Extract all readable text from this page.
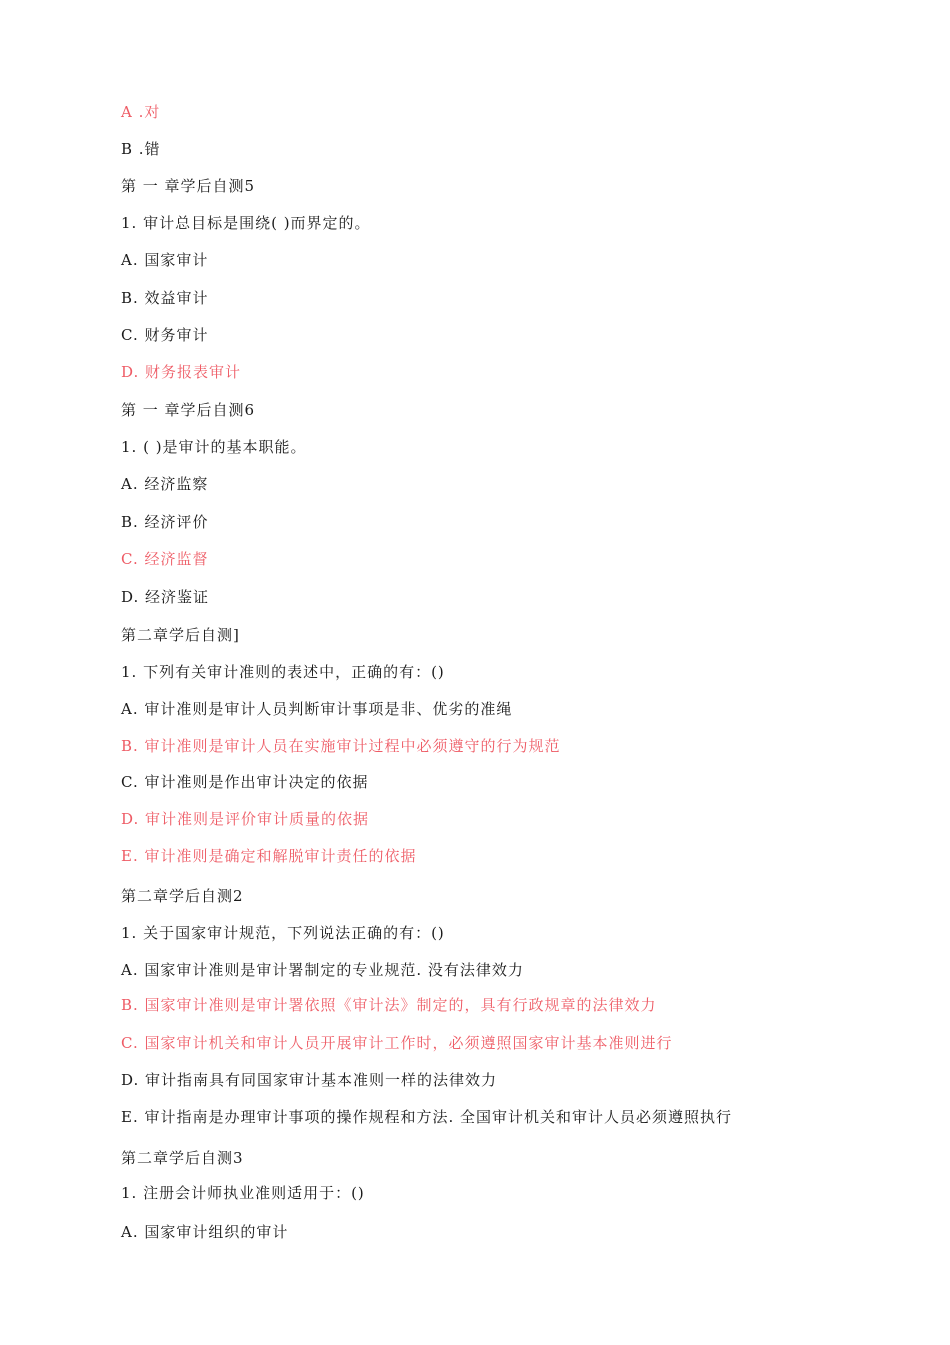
A .对
B .错
第 一 章学后自测5
1. 审计总目标是围绕( )而界定的。
A. 国家审计
B. 效益审计
C. 财务审计
D. 财务报表审计
第 一 章学后自测6
1. ( )是审计的基本职能。
A. 经济监察
B. 经济评价
C. 经济监督
D. 经济鉴证
第二章学后自测]
1. 下列有关审计准则的表述中，正确的有：()
A. 审计准则是审计人员判断审计事项是非、优劣的准绳
B. 审计准则是审计人员在实施审计过程中必须遵守的行为规范
C. 审计准则是作出审计决定的依据
D. 审计准则是评价审计质量的依据
E. 审计准则是确定和解脱审计责任的依据
第二章学后自测2
1. 关于国家审计规范，下列说法正确的有：()
A. 国家审计准则是审计署制定的专业规范. 没有法律效力
B. 国家审计准则是审计署依照《审计法》制定的，具有行政规章的法律效力
C. 国家审计机关和审计人员开展审计工作时，必须遵照国家审计基本准则进行
D. 审计指南具有同国家审计基本准则一样的法律效力
E. 审计指南是办理审计事项的操作规程和方法. 全国审计机关和审计人员必须遵照执行
第二章学后自测3
1. 注册会计师执业准则适用于：()
A. 国家审计组织的审计
